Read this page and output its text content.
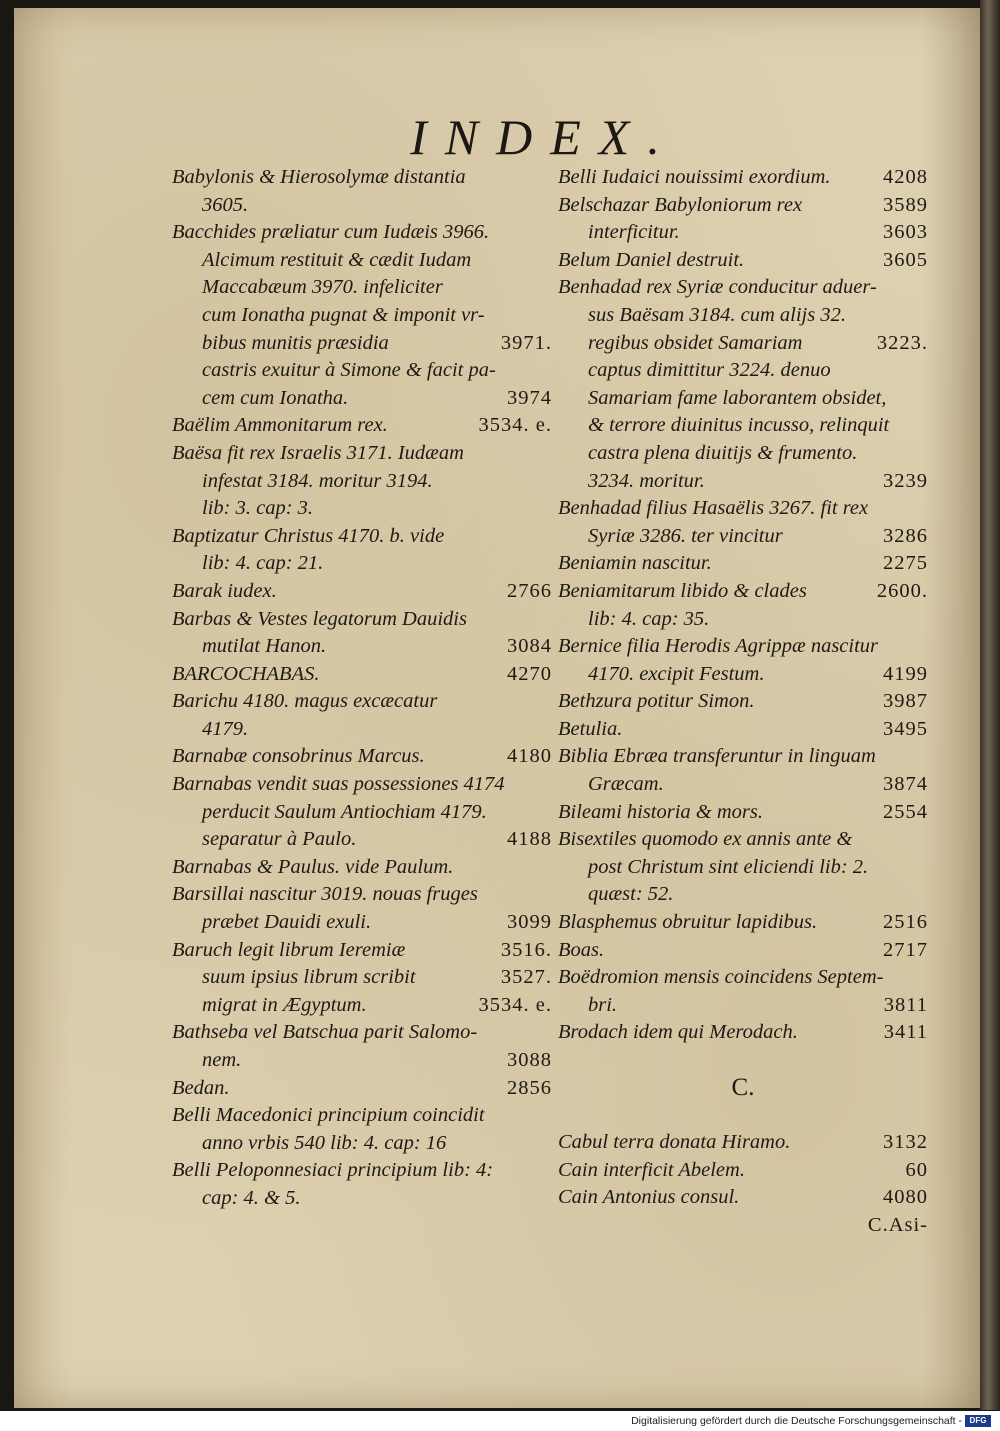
INDEX.
Babylonis & Hierosolymæ distantia
3605.
Bacchides præliatur cum Iudæis 3966.
Alcimum restituit & cædit Iudam
Maccabæum 3970. infeliciter
cum Ionatha pugnat & imponit vr-
bibus munitis præsidia	3971.
castris exuitur à Simone & facit pa-
cem cum Ionatha.	3974
Baëlim Ammonitarum rex.	3534. e.
Baësa fit rex Israelis 3171. Iudæam
infestat 3184. moritur 3194.
lib: 3. cap: 3.
Baptizatur Christus 4170. b. vide
lib: 4. cap: 21.
Barak iudex.	2766
Barbas & Vestes legatorum Dauidis
mutilat Hanon.	3084
BARCOCHABAS.	4270
Barichu 4180. magus excæcatur
4179.
Barnabæ consobrinus Marcus.	4180
Barnabas vendit suas possessiones 4174
perducit Saulum Antiochiam 4179.
separatur à Paulo.	4188
Barnabas & Paulus. vide Paulum.
Barsillai nascitur 3019. nouas fruges
præbet Dauidi exuli.	3099
Baruch legit librum Ieremiæ	3516.
suum ipsius librum scribit	3527.
migrat in Ægyptum.	3534. e.
Bathseba vel Batschua parit Salomo-
nem.	3088
Bedan.	2856
Belli Macedonici principium coincidit
anno vrbis 540 lib: 4. cap: 16
Belli Peloponnesiaci principium lib: 4:
cap: 4. & 5.
Belli Iudaici nouissimi exordium.	4208
Belschazar Babyloniorum rex	3589
interficitur.	3603
Belum Daniel destruit.	3605
Benhadad rex Syriæ conducitur aduer-
sus Baësam 3184. cum alijs 32.
regibus obsidet Samariam	3223.
captus dimittitur 3224. denuo
Samariam fame laborantem obsidet,
& terrore diuinitus incusso, relinquit
castra plena diuitijs & frumento.
3234. moritur.	3239
Benhadad filius Hasaëlis 3267. fit rex
Syriæ 3286. ter vincitur	3286
Beniamin nascitur.	2275
Beniamitarum libido & clades	2600.
lib: 4. cap: 35.
Bernice filia Herodis Agrippæ nascitur
4170. excipit Festum.	4199
Bethzura potitur Simon.	3987
Betulia.	3495
Biblia Ebræa transferuntur in linguam
Græcam.	3874
Bileami historia & mors.	2554
Bisextiles quomodo ex annis ante &
post Christum sint eliciendi lib: 2.
quæst: 52.
Blasphemus obruitur lapidibus.	2516
Boas.	2717
Boëdromion mensis coincidens Septem-
bri.	3811
Brodach idem qui Merodach.	3411
C.
Cabul terra donata Hiramo.	3132
Cain interficit Abelem.	60
Cain Antonius consul.	4080
C.Asi-
Digitalisierung gefördert durch die Deutsche Forschungsgemeinschaft - DFG
